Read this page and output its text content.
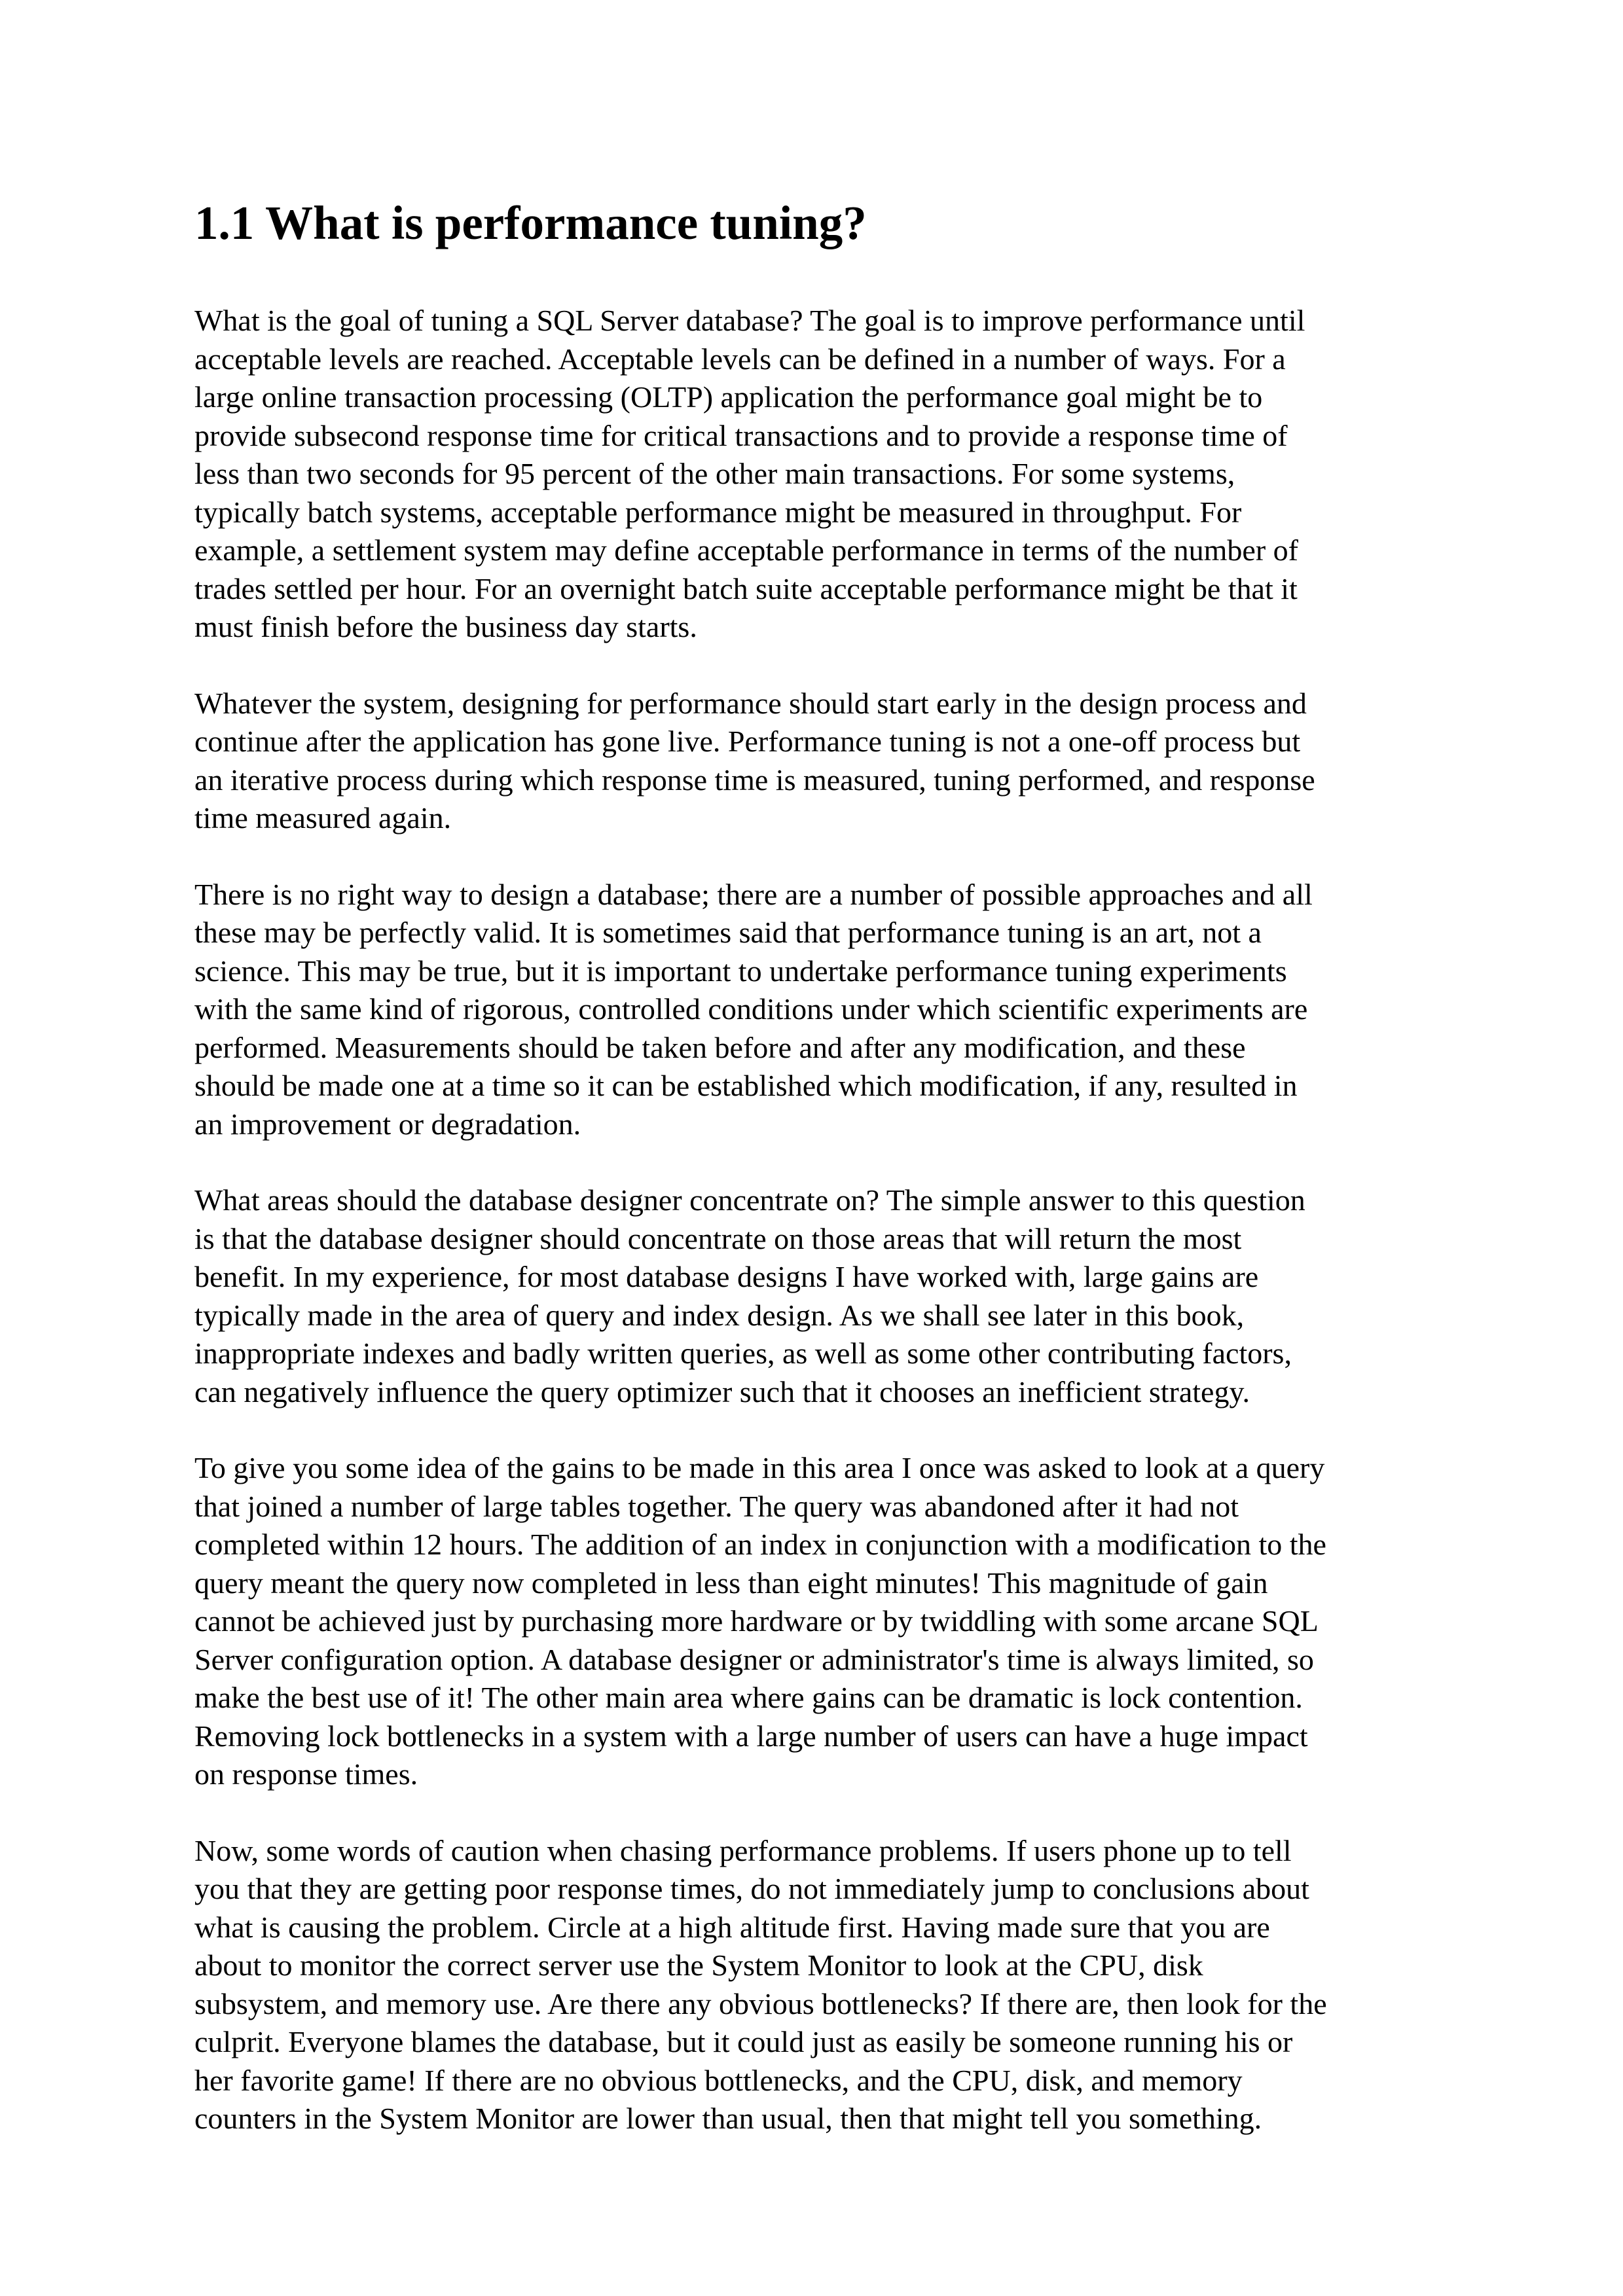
1.1 What is performance tuning?

What is the goal of tuning a SQL Server database? The goal is to improve performance until
acceptable levels are reached. Acceptable levels can be defined in a number of ways. For a
large online transaction processing (OLTP) application the performance goal might be to
provide subsecond response time for critical transactions and to provide a response time of
less than two seconds for 95 percent of the other main transactions. For some systems,
typically batch systems, acceptable performance might be measured in throughput. For
example, a settlement system may define acceptable performance in terms of the number of
trades settled per hour. For an overnight batch suite acceptable performance might be that it
must finish before the business day starts.

Whatever the system, designing for performance should start early in the design process and
continue after the application has gone live. Performance tuning is not a one-off process but
an iterative process during which response time is measured, tuning performed, and response
time measured again.

There is no right way to design a database; there are a number of possible approaches and all
these may be perfectly valid. It is sometimes said that performance tuning is an art, not a
science. This may be true, but it is important to undertake performance tuning experiments
with the same kind of rigorous, controlled conditions under which scientific experiments are
performed. Measurements should be taken before and after any modification, and these
should be made one at a time so it can be established which modification, if any, resulted in
an improvement or degradation.

What areas should the database designer concentrate on? The simple answer to this question
is that the database designer should concentrate on those areas that will return the most
benefit. In my experience, for most database designs I have worked with, large gains are
typically made in the area of query and index design. As we shall see later in this book,
inappropriate indexes and badly written queries, as well as some other contributing factors,
can negatively influence the query optimizer such that it chooses an inefficient strategy.

To give you some idea of the gains to be made in this area I once was asked to look at a query
that joined a number of large tables together. The query was abandoned after it had not
completed within 12 hours. The addition of an index in conjunction with a modification to the
query meant the query now completed in less than eight minutes! This magnitude of gain
cannot be achieved just by purchasing more hardware or by twiddling with some arcane SQL
Server configuration option. A database designer or administrator's time is always limited, so
make the best use of it! The other main area where gains can be dramatic is lock contention.
Removing lock bottlenecks in a system with a large number of users can have a huge impact
on response times.

Now, some words of caution when chasing performance problems. If users phone up to tell
you that they are getting poor response times, do not immediately jump to conclusions about
what is causing the problem. Circle at a high altitude first. Having made sure that you are
about to monitor the correct server use the System Monitor to look at the CPU, disk
subsystem, and memory use. Are there any obvious bottlenecks? If there are, then look for the
culprit. Everyone blames the database, but it could just as easily be someone running his or
her favorite game! If there are no obvious bottlenecks, and the CPU, disk, and memory
counters in the System Monitor are lower than usual, then that might tell you something.
